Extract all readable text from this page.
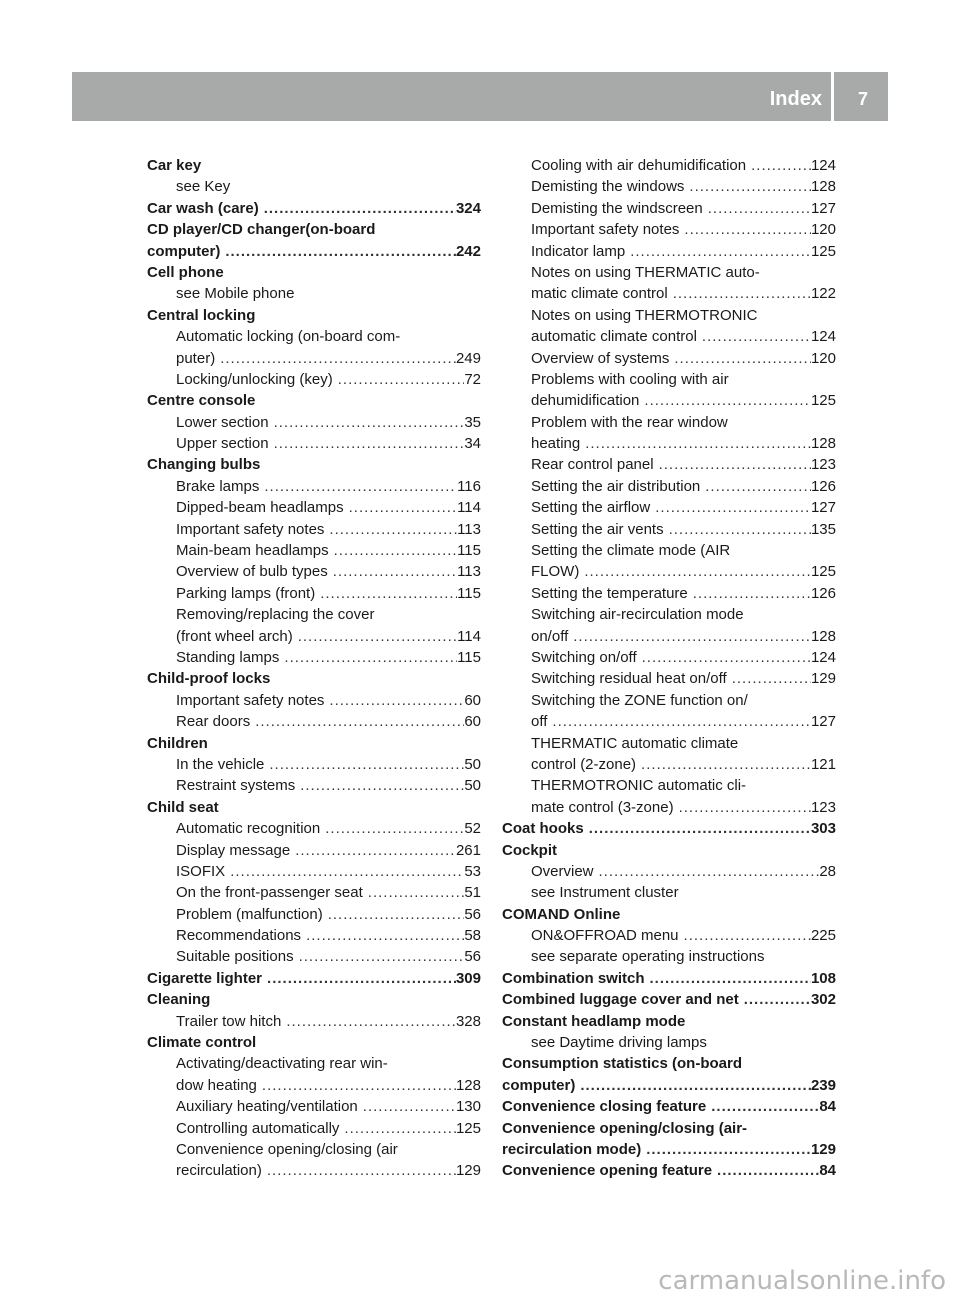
Index 7
Car key
see Key
Car wash (care) .....	324
CD player/CD changer(on-board
computer) .....	242
Cell phone
see Mobile phone
Central locking
Automatic locking (on-board com-
puter) .....	249
Locking/unlocking (key) .....	72
Centre console
Lower section .....	35
Upper section .....	34
Changing bulbs
Brake lamps .....	116
Dipped-beam headlamps .....	114
Important safety notes .....	113
Main-beam headlamps .....	115
Overview of bulb types .....	113
Parking lamps (front) .....	115
Removing/replacing the cover
(front wheel arch) .....	114
Standing lamps .....	115
Child-proof locks
Important safety notes .....	60
Rear doors .....	60
Children
In the vehicle .....	50
Restraint systems .....	50
Child seat
Automatic recognition .....	52
Display message .....	261
ISOFIX .....	53
On the front-passenger seat .....	51
Problem (malfunction) .....	56
Recommendations .....	58
Suitable positions .....	56
Cigarette lighter .....	309
Cleaning
Trailer tow hitch .....	328
Climate control
Activating/deactivating rear win-
dow heating .....	128
Auxiliary heating/ventilation .....	130
Controlling automatically .....	125
Convenience opening/closing (air
recirculation) .....	129
Cooling with air dehumidification .....	124
Demisting the windows .....	128
Demisting the windscreen .....	127
Important safety notes .....	120
Indicator lamp .....	125
Notes on using THERMATIC auto-
matic climate control .....	122
Notes on using THERMOTRONIC
automatic climate control .....	124
Overview of systems .....	120
Problems with cooling with air
dehumidification .....	125
Problem with the rear window
heating .....	128
Rear control panel .....	123
Setting the air distribution .....	126
Setting the airflow .....	127
Setting the air vents .....	135
Setting the climate mode (AIR
FLOW) .....	125
Setting the temperature .....	126
Switching air-recirculation mode
on/off .....	128
Switching on/off .....	124
Switching residual heat on/off .....	129
Switching the ZONE function on/
off .....	127
THERMATIC automatic climate
control (2-zone) .....	121
THERMOTRONIC automatic cli-
mate control (3-zone) .....	123
Coat hooks .....	303
Cockpit
Overview .....	28
see Instrument cluster
COMAND Online
ON&OFFROAD menu .....	225
see separate operating instructions
Combination switch .....	108
Combined luggage cover and net .....	302
Constant headlamp mode
see Daytime driving lamps
Consumption statistics (on-board
computer) .....	239
Convenience closing feature .....	84
Convenience opening/closing (air-
recirculation mode) .....	129
Convenience opening feature .....	84
carmanualsonline.info
